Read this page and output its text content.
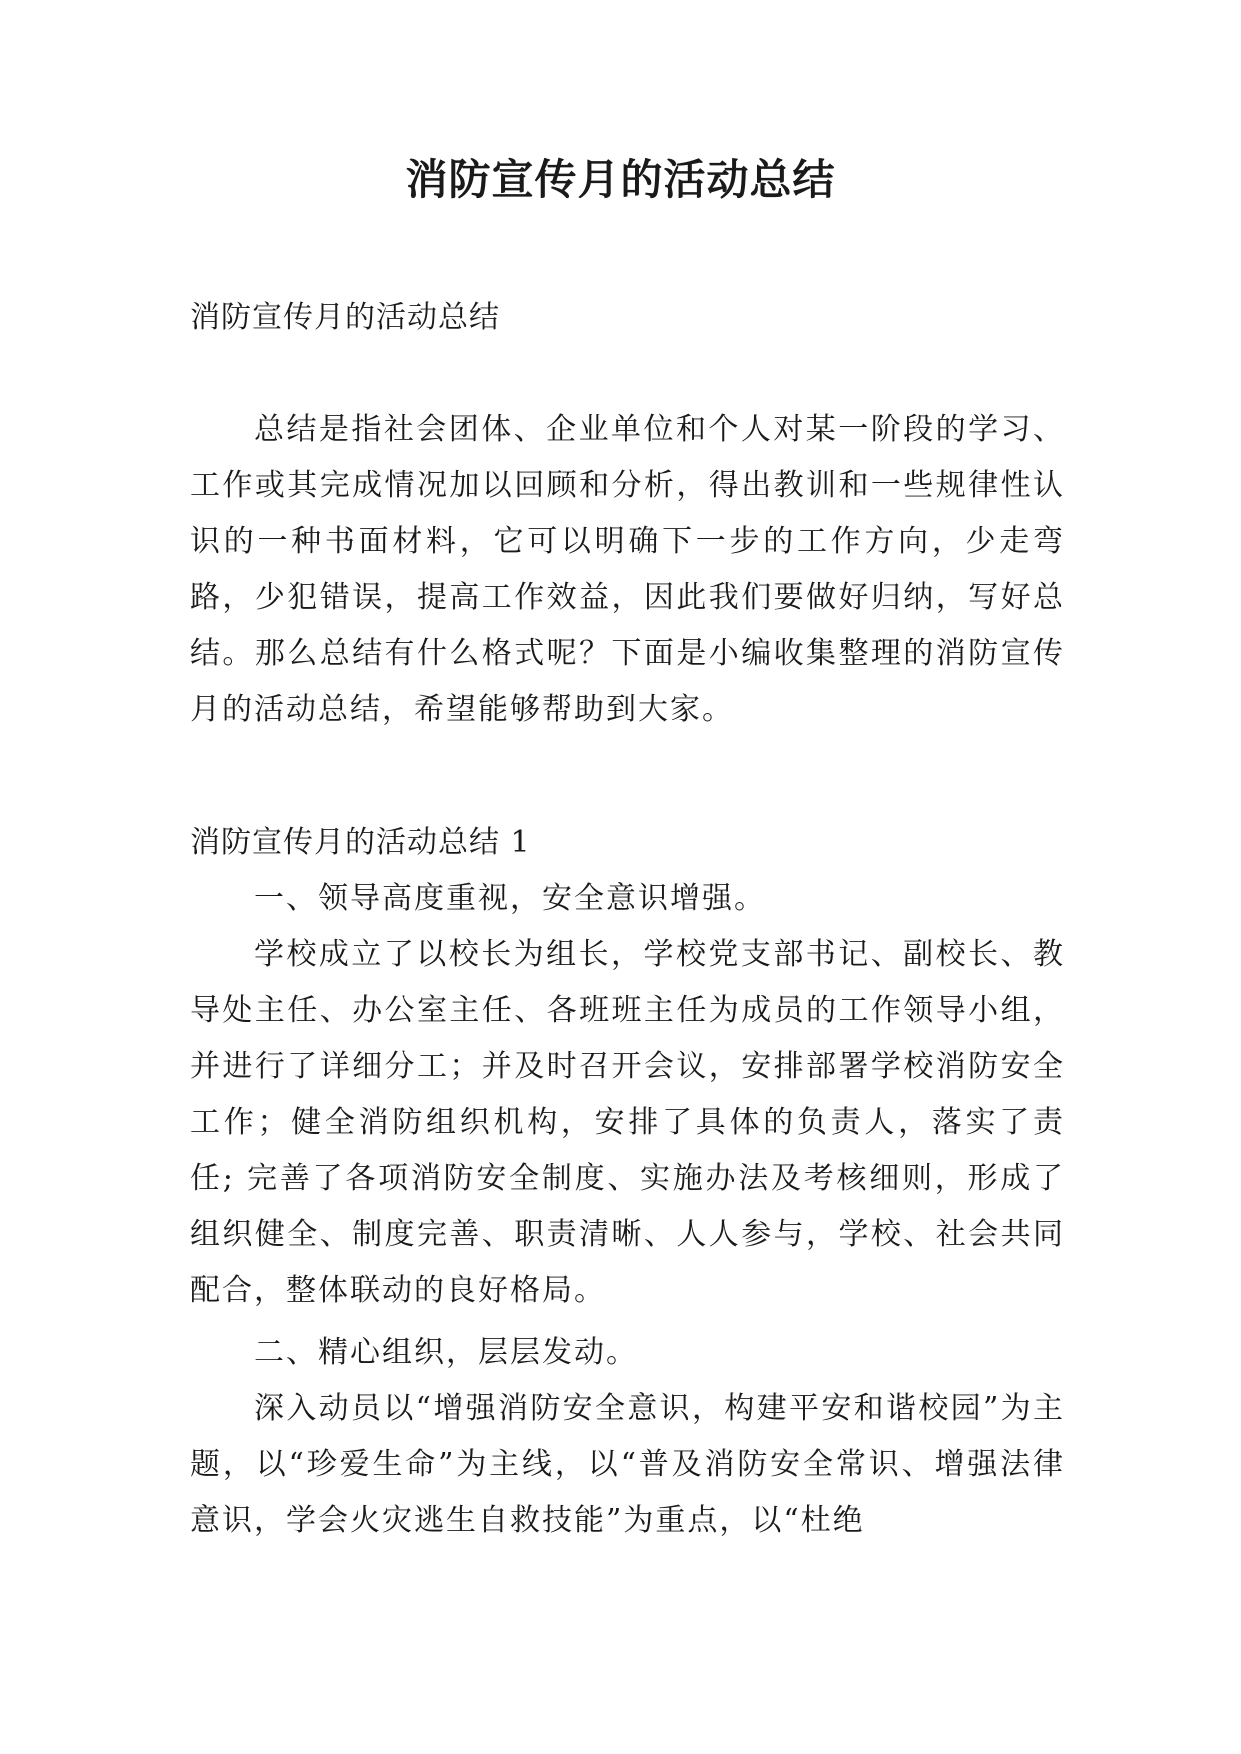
消防宣传月的活动总结

消防宣传月的活动总结

总结是指社会团体、企业单位和个人对某一阶段的学习、工作或其完成情况加以回顾和分析，得出教训和一些规律性认识的一种书面材料，它可以明确下一步的工作方向，少走弯路，少犯错误，提高工作效益，因此我们要做好归纳，写好总结。那么总结有什么格式呢？下面是小编收集整理的消防宣传月的活动总结，希望能够帮助到大家。

消防宣传月的活动总结 1

一、领导高度重视，安全意识增强。

学校成立了以校长为组长，学校党支部书记、副校长、教导处主任、办公室主任、各班班主任为成员的工作领导小组，并进行了详细分工；并及时召开会议，安排部署学校消防安全工作；健全消防组织机构，安排了具体的负责人，落实了责任; 完善了各项消防安全制度、实施办法及考核细则，形成了组织健全、制度完善、职责清晰、人人参与，学校、社会共同配合，整体联动的良好格局。

二、精心组织，层层发动。

深入动员以“增强消防安全意识，构建平安和谐校园”为主题，以“珍爱生命”为主线，以“普及消防安全常识、增强法律意识，学会火灾逃生自救技能”为重点，以“杜绝
